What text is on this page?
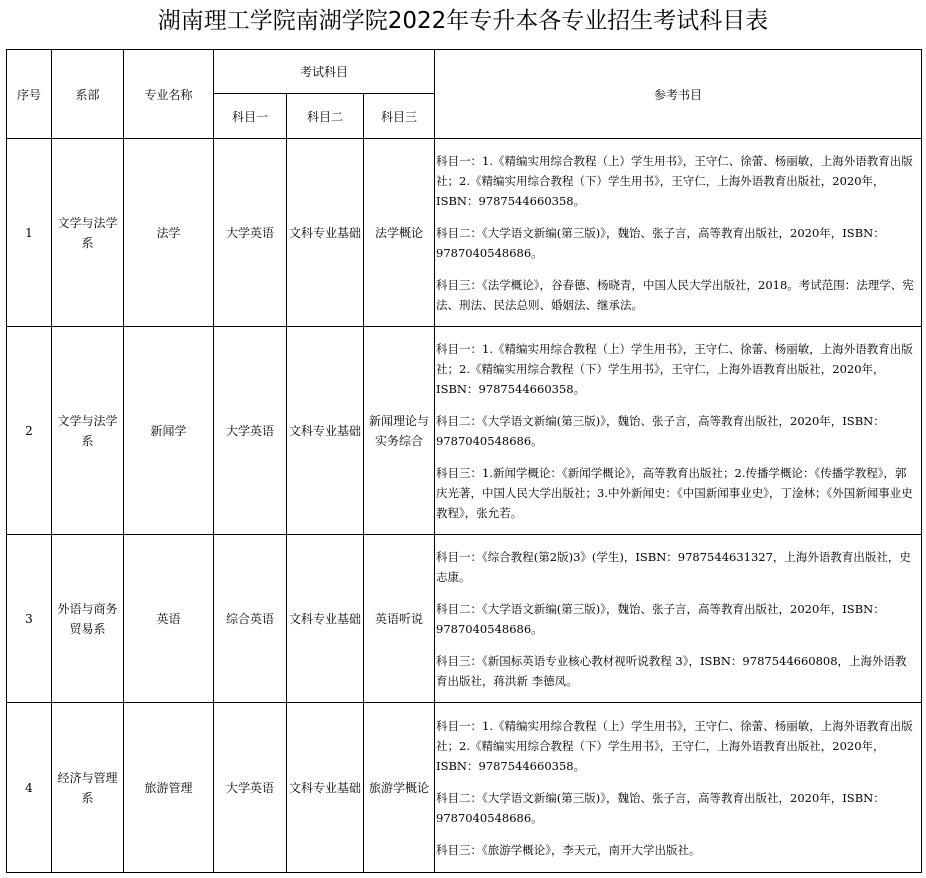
湖南理工学院南湖学院2022年专升本各专业招生考试科目表
序号	系部	专业名称	考试科目			参考书目
			科目一	科目二	科目三	
1	文学与法学系	法学	大学英语	文科专业基础	法学概论	科目一：1.《精编实用综合教程（上）学生用书》，王守仁、徐蕾、杨丽敏，上海外语教育出版社；2.《精编实用综合教程（下）学生用书》，王守仁，上海外语教育出版社，2020年，ISBN：9787544660358。

科目二：《大学语文新编(第三版)》，魏饴、张子言，高等教育出版社，2020年，ISBN：9787040548686。

科目三：《法学概论》，谷春德、杨晓青，中国人民大学出版社，2018。考试范围：法理学、宪法、刑法、民法总则、婚姻法、继承法。

2	文学与法学系	新闻学	大学英语	文科专业基础	新闻理论与实务综合	科目一：1.《精编实用综合教程（上）学生用书》，王守仁、徐蕾、杨丽敏，上海外语教育出版社；2.《精编实用综合教程（下）学生用书》，王守仁，上海外语教育出版社，2020年，ISBN：9787544660358。

科目二：《大学语文新编(第三版)》，魏饴、张子言，高等教育出版社，2020年，ISBN：9787040548686。

科目三：1.新闻学概论：《新闻学概论》，高等教育出版社；2.传播学概论：《传播学教程》，郭庆光著，中国人民大学出版社；3.中外新闻史：《中国新闻事业史》，丁淦林；《外国新闻事业史教程》，张允若。

3	外语与商务贸易系	英语	综合英语	文科专业基础	英语听说	科目一：《综合教程(第2版)3》(学生)，ISBN：9787544631327，上海外语教育出版社，史志康。

科目二：《大学语文新编(第三版)》，魏饴、张子言，高等教育出版社，2020年，ISBN：9787040548686。

科目三：《新国标英语专业核心教材视听说教程 3》，ISBN：9787544660808，上海外语教育出版社，蒋洪新 李德凤。

4	经济与管理系	旅游管理	大学英语	文科专业基础	旅游学概论	科目一：1.《精编实用综合教程（上）学生用书》，王守仁、徐蕾、杨丽敏，上海外语教育出版社；2.《精编实用综合教程（下）学生用书》，王守仁，上海外语教育出版社，2020年，ISBN：9787544660358。

科目二：《大学语文新编(第三版)》，魏饴、张子言，高等教育出版社，2020年，ISBN：9787040548686。

科目三：《旅游学概论》，李天元，南开大学出版社。
